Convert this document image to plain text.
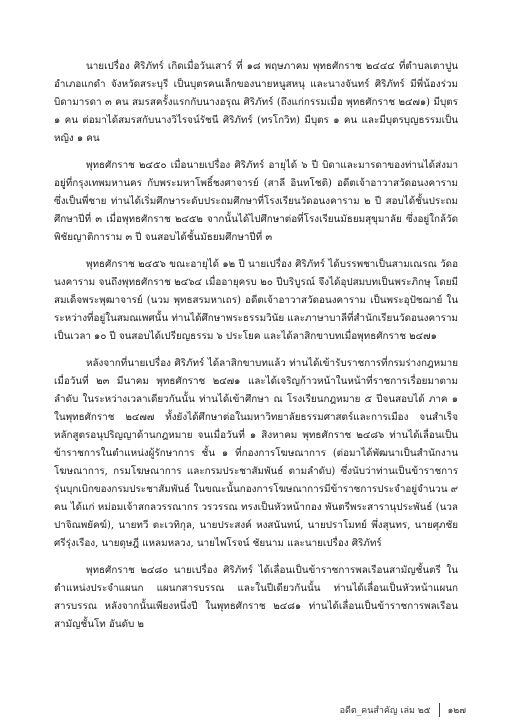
นายเปรื่อง ศิริภัทร์ เกิดเมื่อวันเสาร์ ที่ ๑๘ พฤษภาคม พุทธศักราช ๒๔๔๔ ที่ตำบลเตาปูน อำเภอแกดำ จังหวัดสระบุรี เป็นบุตรคนเล็กของนายหนูสหนุ และนางจันทร์ ศิริภัทร์ มีพี่น้องร่วมบิดามารดา ๓ คน สมรสครั้งแรกกับนางอรุณ ศิริภัทร์ (ถึงแก่กรรมเมื่อ พุทธศักราช ๒๔๗๑) มีบุตร ๑ คน ต่อมาได้สมรสกับนางวิไรจน์รัชนี ศิริภัทร์ (ทรโกวิท) มีบุตร ๑ คน และมีบุตรบุญธรรมเป็นหญิง ๑ คน

พุทธศักราช ๒๔๕๐ เมื่อนายเปรื่อง ศิริภัทร์ อายุได้ ๖ ปี บิดาและมารดาของท่านได้ส่งมาอยู่ที่กรุงเทพมหานคร กับพระมหาโพธิ์ชงศาจารย์ (สาลี อินทโชติ) อดีตเจ้าอาวาสวัดอนงคาราม ซึ่งเป็นพี่ชาย ท่านได้เริ่มศึกษาระดับประถมศึกษาที่โรงเรียนวัดอนงคาราม ๒ ปี สอบได้ชั้นประถมศึกษาปีที่ ๓ เมื่อพุทธศักราช ๒๔๕๒ จากนั้นได้ไปศึกษาต่อที่โรงเรียนมัธยมสุขุมาลัย ซึ่งอยู่ใกล้วัดพิชัยญาติการาม ๓ ปี จนสอบได้ชั้นมัธยมศึกษาปีที่ ๓

พุทธศักราช ๒๔๕๖ ขณะอายุได้ ๑๒ ปี นายเปรื่อง ศิริภัทร์ ได้บรรพชาเป็นสามเณรณ วัดอนงคาราม จนถึงพุทธศักราช ๒๔๖๔ เมื่ออายุครบ ๒๐ ปีบริบูรณ์ จึงได้อุปสมบทเป็นพระภิกษุ โดยมีสมเด็จพระพุฒาจารย์ (นวม พุทธสรมหาเถร) อดีตเจ้าอาวาสวัดอนงคาราม เป็นพระอุปัชฌาย์ ในระหว่างที่อยู่ในสมณเพศนั้น ท่านได้ศึกษาพระธรรมวินัย และภาษาบาลีที่สำนักเรียนวัดอนงคารามเป็นเวลา ๑๐ ปี จนสอบได้เปรียญธรรม ๖ ประโยค และได้ลาสิกขาบทเมื่อพุทธศักราช ๒๔๗๑

หลังจากที่นายเปรื่อง ศิริภัทร์ ได้ลาสิกขาบทแล้ว ท่านได้เข้ารับราชการที่กรมร่างกฎหมาย เมื่อวันที่ ๒๓ มีนาคม พุทธศักราช ๒๔๗๑ และได้เจริญก้าวหน้าในหน้าที่ราชการเรื่อยมาตามลำดับ ในระหว่างเวลาเดียวกันนั้น ท่านได้เข้าศึกษา ณ โรงเรียนกฎหมาย ๕ ปีจนสอบได้ ภาค ๑ ในพุทธศักราช ๒๔๗๗ ทั้งยังได้ศึกษาต่อในมหาวิทยาลัยธรรมศาสตร์และการเมือง จนสำเร็จหลักสูตรอนุปริญญาด้านกฎหมาย จนเมื่อวันที่ ๑ สิงหาคม พุทธศักราช ๒๔๘๖ ท่านได้เลื่อนเป็นข้าราชการในตำแหน่งผู้รักษาการ ชั้น ๑ ที่กองการโฆษณาการ (ต่อมาได้พัฒนาเป็นสำนักงานโฆษณาการ, กรมโฆษณาการ และกรมประชาสัมพันธ์ ตามลำดับ) ซึ่งนับว่าท่านเป็นข้าราชการรุ่นบุกเบิกของกรมประชาสัมพันธ์ ในขณะนั้นกองการโฆษณาการมีข้าราชการประจำอยู่จำนวน ๙ คน ได้แก่ หม่อมเจ้าสกลวรรณากร วรวรรณ ทรงเป็นหัวหน้ากอง พันตรีพระสารานุประพันธ์ (นวล ปาจิณพยัคฆ์), นายทวี ตะเวทิกุล, นายประสงค์ หงสนันทน์, นายปราโมทย์ พึ่งสุนทร, นายศุภชัย ศรีรุ่งเรือง, นายดุษฎี แหลมหลวง, นายไพโรจน์ ชัยนาม และนายเปรื่อง ศิริภัทร์

พุทธศักราช ๒๔๘๐ นายเปรื่อง ศิริภัทร์ ได้เลื่อนเป็นข้าราชการพลเรือนสามัญชั้นตรี ในตำแหน่งประจำแผนก แผนกสารบรรณ และในปีเดียวกันนั้น ท่านได้เลื่อนเป็นหัวหน้าแผนกสารบรรณ หลังจากนั้นเพียงหนึ่งปี ในพุทธศักราช ๒๔๘๑ ท่านได้เลื่อนเป็นข้าราชการพลเรือนสามัญชั้นโท อันดับ ๒

อดีต_คนสำคัญ เล่ม ๒๕ ๑๒๗
